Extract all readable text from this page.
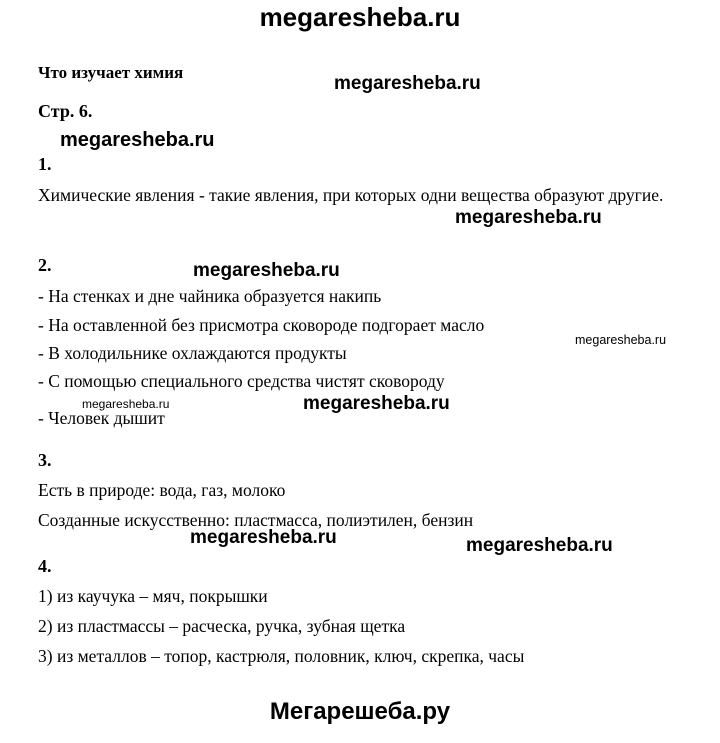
megaresheba.ru
Что изучает химия
megaresheba.ru
Стр. 6.
megaresheba.ru
1.
Химические явления - такие явления, при которых одни вещества образуют другие.
megaresheba.ru
2.	megaresheba.ru
- На стенках и дне чайника образуется накипь
- На оставленной без присмотра сковороде подгорает масло
megaresheba.ru
- В холодильнике охлаждаются продукты
- С помощью специального средства чистят сковороду
megaresheba.ru	megaresheba.ru
- Человек дышит
3.
Есть в природе: вода, газ, молоко
Созданные искусственно: пластмасса, полиэтилен, бензин
megaresheba.ru	megaresheba.ru
4.
1) из каучука – мяч, покрышки
2) из пластмассы – расческа, ручка, зубная щетка
3) из металлов – топор, кастрюля, половник, ключ, скрепка, часы
Мегарешеба.ру
